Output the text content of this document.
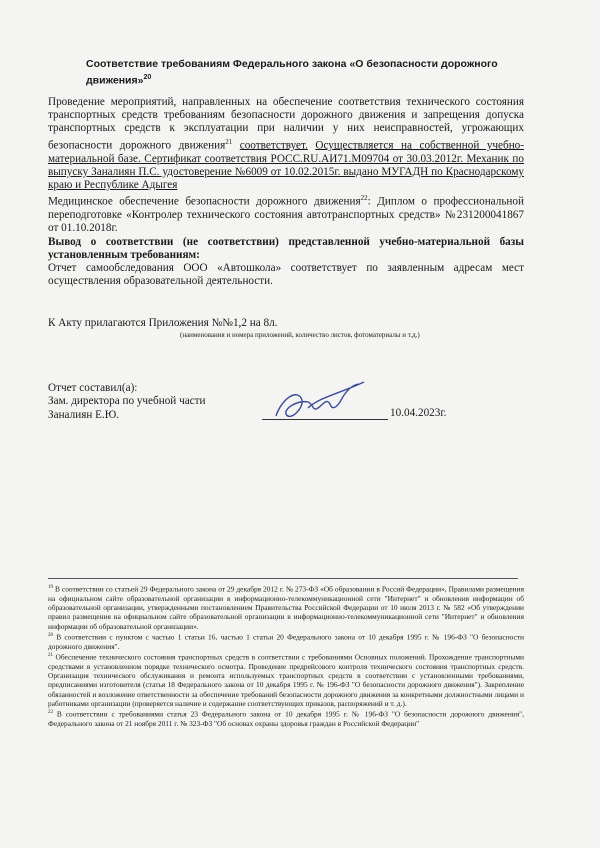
Соответствие требованиям Федерального закона «О безопасности дорожного движения»$^{20}$

Проведение мероприятий, направленных на обеспечение соответствия технического состояния транспортных средств требованиям безопасности дорожного движения и запрещения допуска транспортных средств к эксплуатации при наличии у них неисправностей, угрожающих безопасности дорожного движения$^{21}$ соответствует. Осуществляется на собственной учебно-материальной базе. Сертификат соответствия РОСС.RU.АИ71.М09704 от 30.03.2012г. Механик по выпуску Заналиян П.С. удостоверение №6009 от 10.02.2015г. выдано МУГАДН по Краснодарскому краю и Республике Адыгея

Медицинское обеспечение безопасности дорожного движения$^{22}$: Диплом о профессиональной переподготовке «Контролер технического состояния автотранспортных средств» №231200041867 от 01.10.2018г.

Вывод о соответствии (не соответствии) представленной учебно-материальной базы установленным требованиям:

Отчет самообследования ООО «Автошкола» соответствует по заявленным адресам мест осуществления образовательной деятельности.

К Акту прилагаются Приложения №№1,2 на 8л.
(наименования и номера приложений, количество листов, фотоматериалы и т.д.)
Отчет составил(а):
Зам. директора по учебной части
Заналиян Е.Ю.	10.04.2023г.

$^{19}$ В соответствии со статьей 29 Федерального закона от 29 декабря 2012 г. № 273-ФЗ «Об образовании в Россий Федерации», Правилами размещения на официальном сайте образовательной организации в информационно-телекоммуникационной сети "Интернет" и обновления информации об образовательной организации, утвержденными постановлением Правительства Российской Федерации от 10 июля 2013 г. № 582 «Об утверждении правил размещения на официальном сайте образовательной организации в информационно-телекоммуникационной сети "Интернет" и обновления информации об образовательной организации».

$^{20}$ В соответствии с пунктом с частью 1 статьи 16, частью 1 статьи 20 Федерального закона от 10 декабря 1995 г. № 196-ФЗ "О безопасности дорожного движения".

$^{21}$ Обеспечение технического состояния транспортных средств в соответствии с требованиями Основных положений. Прохождение транспортными средствами в установленном порядке технического осмотра. Проведение предрейсового контроля технического состояния транспортных средств. Организация технического обслуживания и ремонта используемых транспортных средств в соответствии с установленными требованиями, предписаниями изготовителя (статья 18 Федерального закона от 10 декабря 1995 г. № 196-ФЗ "О безопасности дорожного движения"). Закрепление обязанностей и возложение ответственности за обеспечение требований безопасности дорожного движения за конкретными должностными лицами и работниками организации (проверяется наличие и содержание соответствующих приказов, распоряжений и т. д.).

$^{22}$ В соответствии с требованиями статья 23 Федерального закона от 10 декабря 1995 г. № 196-ФЗ "О безопасности дорожного движения", Федерального закона от 21 ноября 2011 г. № 323-ФЗ "Об основах охраны здоровья граждан в Российской Федерации"
